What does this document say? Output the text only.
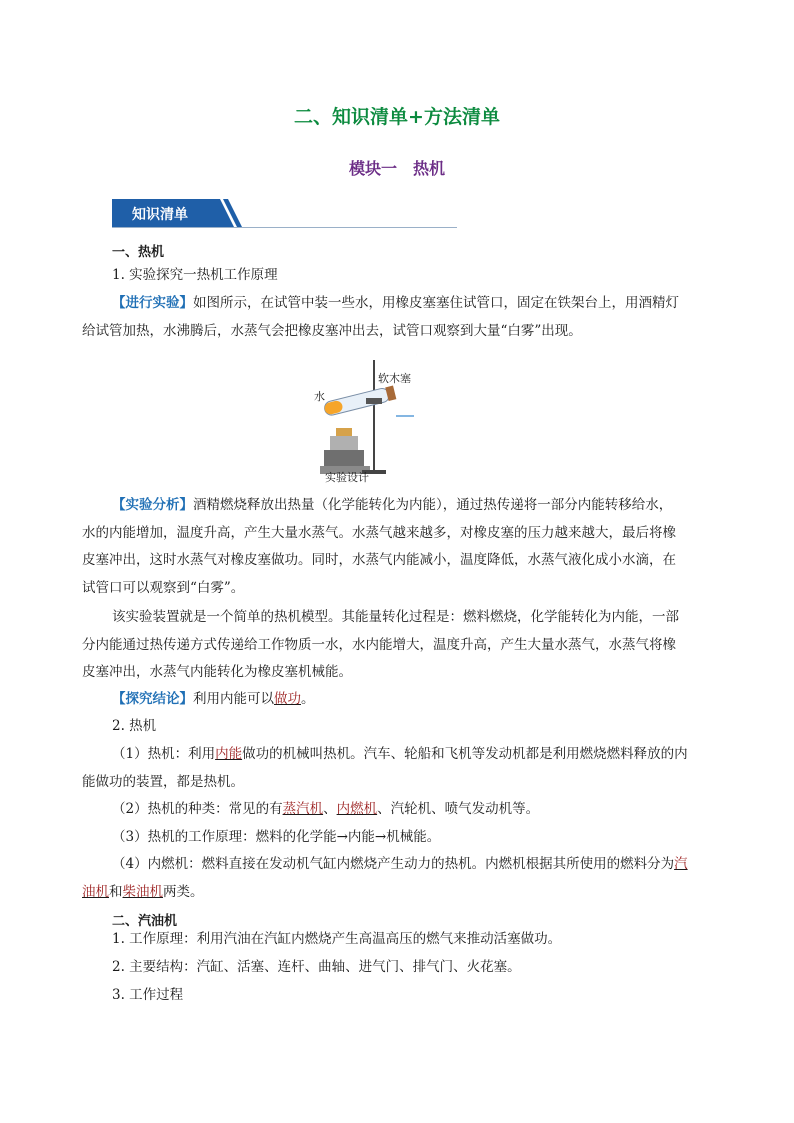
二、知识清单+方法清单
模块一　热机
知识清单
一、热机
1. 实验探究一热机工作原理
【进行实验】如图所示，在试管中装一些水，用橡皮塞塞住试管口，固定在铁架台上，用酒精灯
给试管加热，水沸腾后，水蒸气会把橡皮塞冲出去，试管口观察到大量“白雾”出现。
水
软木塞
实验设计
【实验分析】酒精燃烧释放出热量（化学能转化为内能），通过热传递将一部分内能转移给水，
水的内能增加，温度升高，产生大量水蒸气。水蒸气越来越多，对橡皮塞的压力越来越大，最后将橡
皮塞冲出，这时水蒸气对橡皮塞做功。同时，水蒸气内能减小，温度降低，水蒸气液化成小水滴，在
试管口可以观察到“白雾”。
该实验装置就是一个简单的热机模型。其能量转化过程是：燃料燃烧，化学能转化为内能，一部
分内能通过热传递方式传递给工作物质一水，水内能增大，温度升高，产生大量水蒸气，水蒸气将橡
皮塞冲出，水蒸气内能转化为橡皮塞机械能。
【探究结论】利用内能可以做功。
2. 热机
（1）热机：利用内能做功的机械叫热机。汽车、轮船和飞机等发动机都是利用燃烧燃料释放的内
能做功的装置，都是热机。
（2）热机的种类：常见的有蒸汽机、内燃机、汽轮机、喷气发动机等。
（3）热机的工作原理：燃料的化学能→内能→机械能。
（4）内燃机：燃料直接在发动机气缸内燃烧产生动力的热机。内燃机根据其所使用的燃料分为汽
油机和柴油机两类。
二、汽油机
1. 工作原理：利用汽油在汽缸内燃烧产生高温高压的燃气来推动活塞做功。
2. 主要结构：汽缸、活塞、连杆、曲轴、进气门、排气门、火花塞。
3. 工作过程
